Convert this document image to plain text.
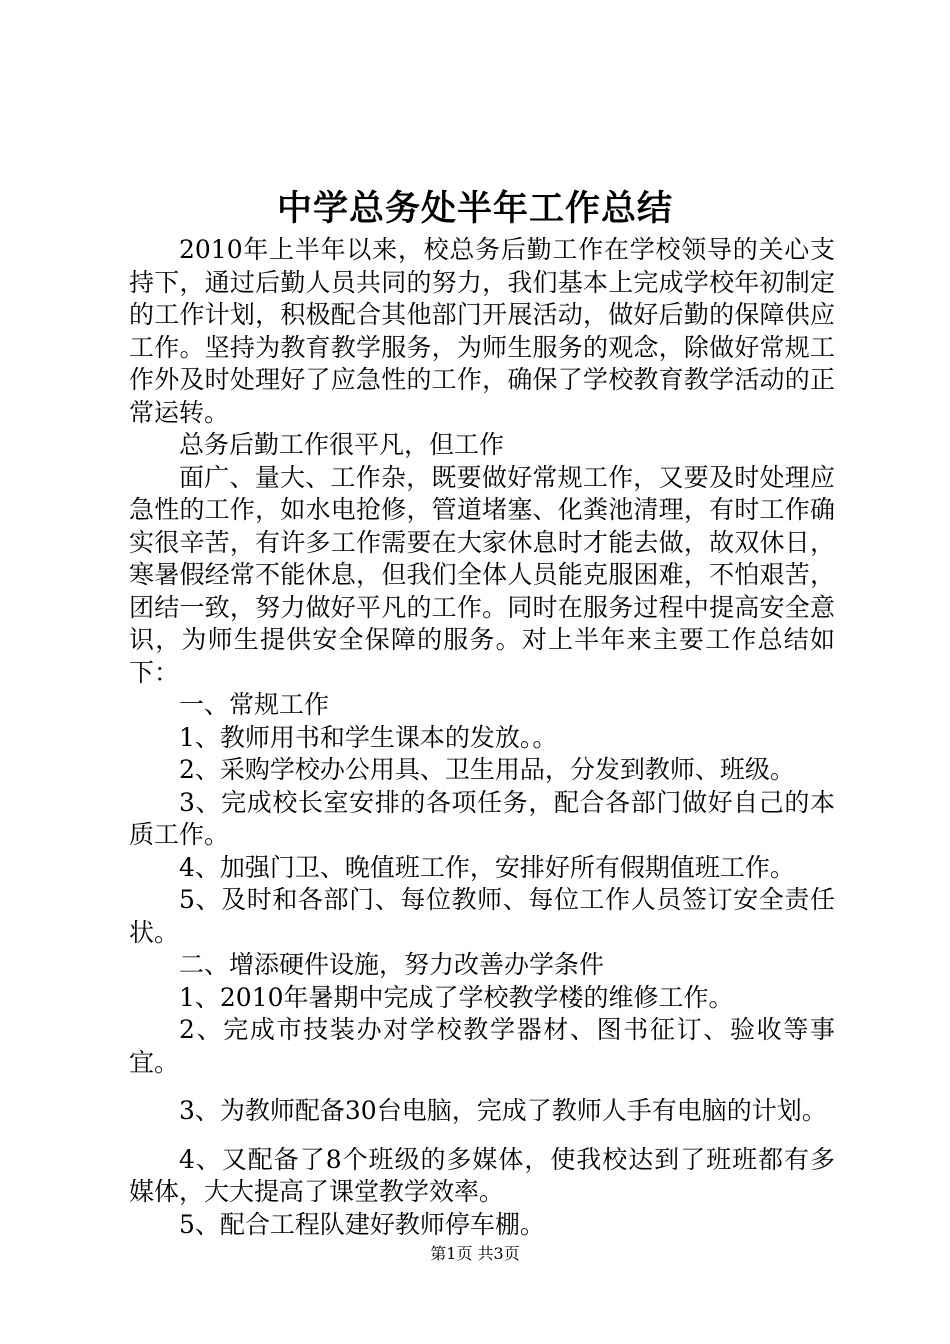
中学总务处半年工作总结

2010年上半年以来，校总务后勤工作在学校领导的关心支持下，通过后勤人员共同的努力，我们基本上完成学校年初制定的工作计划，积极配合其他部门开展活动，做好后勤的保障供应工作。坚持为教育教学服务，为师生服务的观念，除做好常规工作外及时处理好了应急性的工作，确保了学校教育教学活动的正常运转。

总务后勤工作很平凡，但工作

面广、量大、工作杂，既要做好常规工作，又要及时处理应急性的工作，如水电抢修，管道堵塞、化粪池清理，有时工作确实很辛苦，有许多工作需要在大家休息时才能去做，故双休日，寒暑假经常不能休息，但我们全体人员能克服困难，不怕艰苦，团结一致，努力做好平凡的工作。同时在服务过程中提高安全意识，为师生提供安全保障的服务。对上半年来主要工作总结如下：

一、常规工作

1、教师用书和学生课本的发放。。

2、采购学校办公用具、卫生用品，分发到教师、班级。

3、完成校长室安排的各项任务，配合各部门做好自己的本质工作。

4、加强门卫、晚值班工作，安排好所有假期值班工作。

5、及时和各部门、每位教师、每位工作人员签订安全责任状。

二、增添硬件设施，努力改善办学条件

1、2010年暑期中完成了学校教学楼的维修工作。

2、完成市技装办对学校教学器材、图书征订、验收等事宜。

3、为教师配备30台电脑，完成了教师人手有电脑的计划。

4、又配备了8个班级的多媒体，使我校达到了班班都有多媒体，大大提高了课堂教学效率。

5、配合工程队建好教师停车棚。

第1页 共3页
